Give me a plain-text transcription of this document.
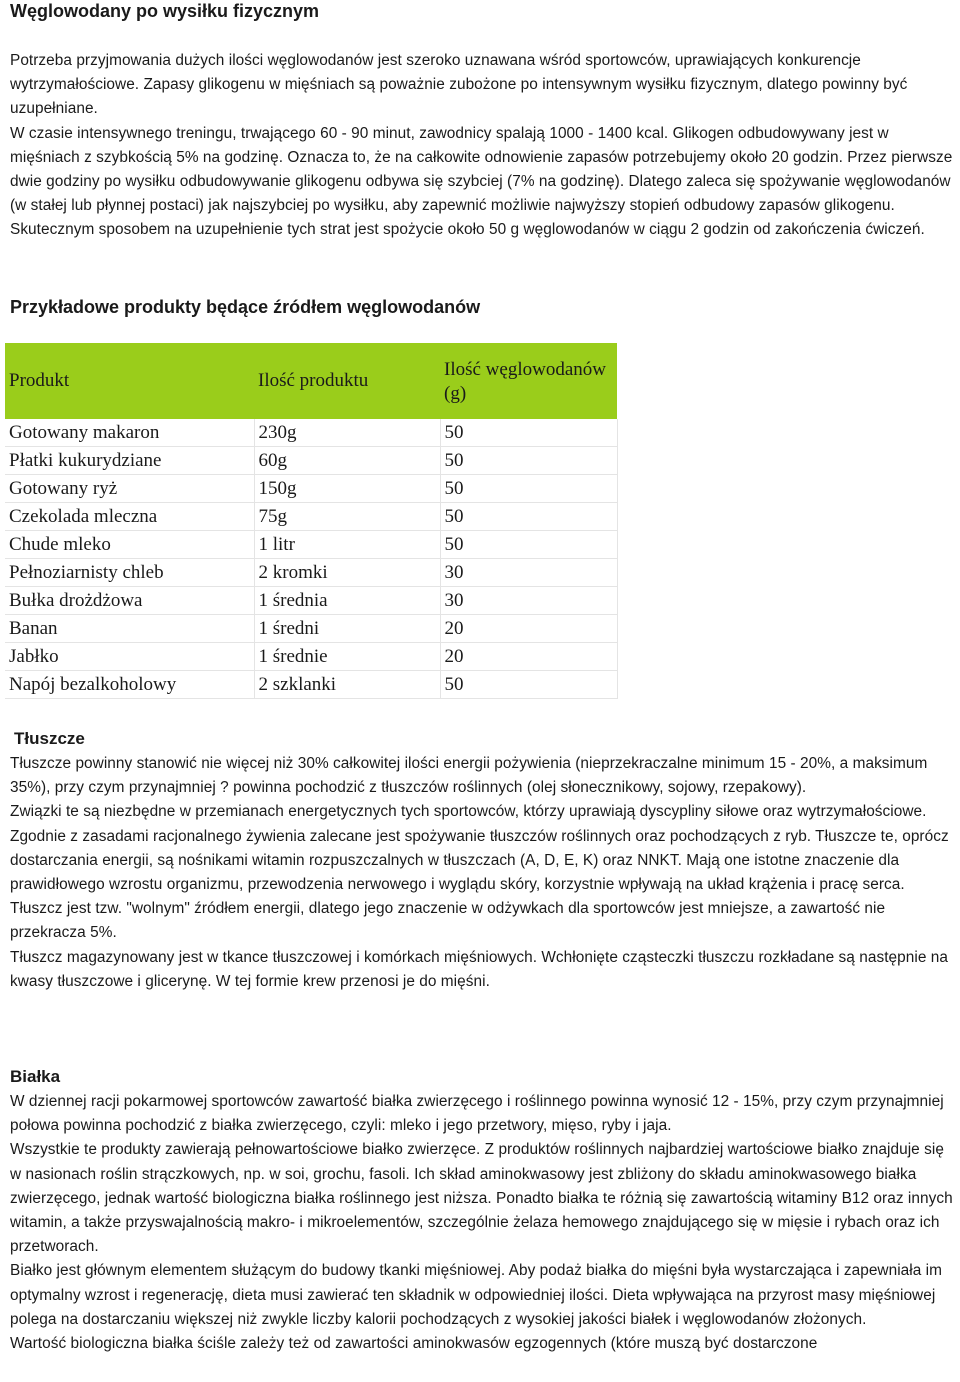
Węglowodany po wysiłku fizycznym

Potrzeba przyjmowania dużych ilości węglowodanów jest szeroko uznawana wśród sportowców, uprawiających konkurencje wytrzymałościowe. Zapasy glikogenu w mięśniach są poważnie zubożone po intensywnym wysiłku fizycznym, dlatego powinny być uzupełniane.

W czasie intensywnego treningu, trwającego 60 - 90 minut, zawodnicy spalają 1000 - 1400 kcal. Glikogen odbudowywany jest w mięśniach z szybkością 5% na godzinę. Oznacza to, że na całkowite odnowienie zapasów potrzebujemy około 20 godzin. Przez pierwsze dwie godziny po wysiłku odbudowywanie glikogenu odbywa się szybciej (7% na godzinę). Dlatego zaleca się spożywanie węglowodanów (w stałej lub płynnej postaci) jak najszybciej po wysiłku, aby zapewnić możliwie najwyższy stopień odbudowy zapasów glikogenu. Skutecznym sposobem na uzupełnienie tych strat jest spożycie około 50 g węglowodanów w ciągu 2 godzin od zakończenia ćwiczeń.

Przykładowe produkty będące źródłem węglowodanów
Produkt	Ilość produktu	Ilość węglowodanów (g)
Gotowany makaron	230g	50
Płatki kukurydziane	60g	50
Gotowany ryż	150g	50
Czekolada mleczna	75g	50
Chude mleko	1 litr	50
Pełnoziarnisty chleb	2 kromki	30
Bułka drożdżowa	1 średnia	30
Banan	1 średni	20
Jabłko	1 średnie	20
Napój bezalkoholowy	2 szklanki	50
Tłuszcze

Tłuszcze powinny stanowić nie więcej niż 30% całkowitej ilości energii pożywienia (nieprzekraczalne minimum 15 - 20%, a maksimum 35%), przy czym przynajmniej ? powinna pochodzić z tłuszczów roślinnych (olej słonecznikowy, sojowy, rzepakowy).

Związki te są niezbędne w przemianach energetycznych tych sportowców, którzy uprawiają dyscypliny siłowe oraz wytrzymałościowe. Zgodnie z zasadami racjonalnego żywienia zalecane jest spożywanie tłuszczów roślinnych oraz pochodzących z ryb. Tłuszcze te, oprócz dostarczania energii, są nośnikami witamin rozpuszczalnych w tłuszczach (A, D, E, K) oraz NNKT. Mają one istotne znaczenie dla prawidłowego wzrostu organizmu, przewodzenia nerwowego i wyglądu skóry, korzystnie wpływają na układ krążenia i pracę serca. Tłuszcz jest tzw. "wolnym" źródłem energii, dlatego jego znaczenie w odżywkach dla sportowców jest mniejsze, a zawartość nie przekracza 5%.

Tłuszcz magazynowany jest w tkance tłuszczowej i komórkach mięśniowych. Wchłonięte cząsteczki tłuszczu rozkładane są następnie na kwasy tłuszczowe i glicerynę. W tej formie krew przenosi je do mięśni.

Białka

W dziennej racji pokarmowej sportowców zawartość białka zwierzęcego i roślinnego powinna wynosić 12 - 15%, przy czym przynajmniej połowa powinna pochodzić z białka zwierzęcego, czyli: mleko i jego przetwory, mięso, ryby i jaja.

Wszystkie te produkty zawierają pełnowartościowe białko zwierzęce. Z produktów roślinnych najbardziej wartościowe białko znajduje się w nasionach roślin strączkowych, np. w soi, grochu, fasoli. Ich skład aminokwasowy jest zbliżony do składu aminokwasowego białka zwierzęcego, jednak wartość biologiczna białka roślinnego jest niższa. Ponadto białka te różnią się zawartością witaminy B12 oraz innych witamin, a także przyswajalnością makro- i mikroelementów, szczególnie żelaza hemowego znajdującego się w mięsie i rybach oraz ich przetworach.

Białko jest głównym elementem służącym do budowy tkanki mięśniowej. Aby podaż białka do mięśni była wystarczająca i zapewniała im optymalny wzrost i regenerację, dieta musi zawierać ten składnik w odpowiedniej ilości. Dieta wpływająca na przyrost masy mięśniowej polega na dostarczaniu większej niż zwykle liczby kalorii pochodzących z wysokiej jakości białek i węglowodanów złożonych.

Wartość biologiczna białka ściśle zależy też od zawartości aminokwasów egzogennych (które muszą być dostarczone
